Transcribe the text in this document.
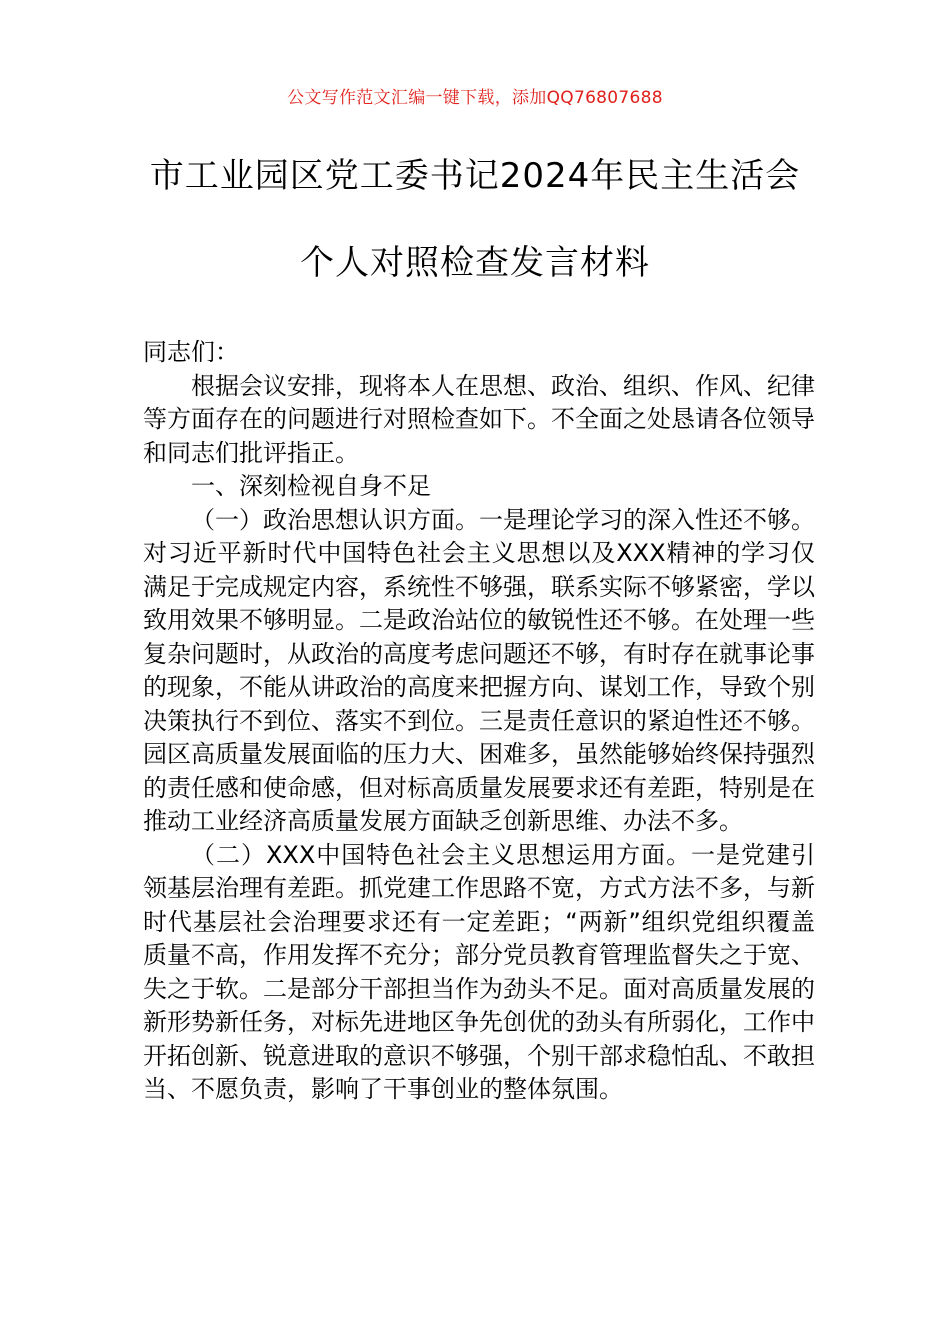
公文写作范文汇编一键下载，添加QQ76807688
市工业园区党工委书记2024年民主生活会
个人对照检查发言材料

同志们：

根据会议安排，现将本人在思想、政治、组织、作风、纪律等方面存在的问题进行对照检查如下。不全面之处恳请各位领导和同志们批评指正。

一、深刻检视自身不足

（一）政治思想认识方面。一是理论学习的深入性还不够。对习近平新时代中国特色社会主义思想以及XXX精神的学习仅满足于完成规定内容，系统性不够强，联系实际不够紧密，学以致用效果不够明显。二是政治站位的敏锐性还不够。在处理一些复杂问题时，从政治的高度考虑问题还不够，有时存在就事论事的现象，不能从讲政治的高度来把握方向、谋划工作，导致个别决策执行不到位、落实不到位。三是责任意识的紧迫性还不够。园区高质量发展面临的压力大、困难多，虽然能够始终保持强烈的责任感和使命感，但对标高质量发展要求还有差距，特别是在推动工业经济高质量发展方面缺乏创新思维、办法不多。

（二）XXX中国特色社会主义思想运用方面。一是党建引领基层治理有差距。抓党建工作思路不宽，方式方法不多，与新时代基层社会治理要求还有一定差距；“两新”组织党组织覆盖质量不高，作用发挥不充分；部分党员教育管理监督失之于宽、失之于软。二是部分干部担当作为劲头不足。面对高质量发展的新形势新任务，对标先进地区争先创优的劲头有所弱化，工作中开拓创新、锐意进取的意识不够强，个别干部求稳怕乱、不敢担当、不愿负责，影响了干事创业的整体氛围。
